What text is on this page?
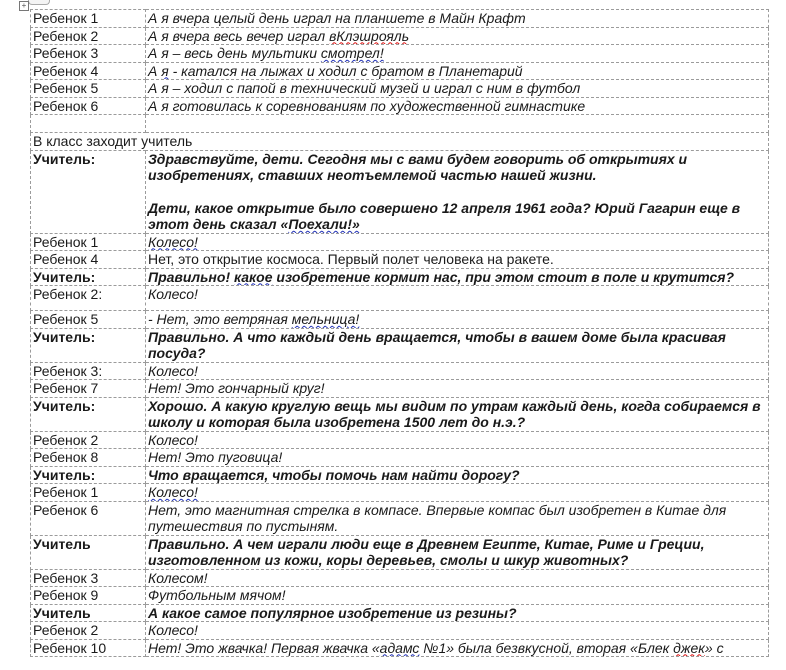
+
Ребенок 1	А я вчера целый день играл на планшете в Майн Крафт
Ребенок 2	А я вчера весь вечер играл вКлэшрояль
Ребенок 3	А я – весь день мультики смотрел!
Ребенок 4	А я - катался на лыжах и ходил с братом в Планетарий
Ребенок 5	А я – ходил с папой в технический музей и играл с ним в футбол
Ребенок 6	А я готовилась к соревнованиям по художественной гимнастике

В класс заходит учитель	
Учитель:	Здравствуйте, дети. Сегодня мы с вами будем говорить об открытиях и изобретениях, ставших неотъемлемой частью нашей жизни.
Дети, какое открытие было совершено 12 апреля 1961 года? Юрий Гагарин еще в этот день сказал «Поехали!»

Ребенок 1	Колесо!
Ребенок 4	Нет, это открытие космоса. Первый полет человека на ракете.
Учитель:	Правильно! какое изобретение кормит нас, при этом стоит в поле и крутится?
Ребенок 2:	Колесо!
Ребенок 5	- Нет, это ветряная мельница!
Учитель:	Правильно. А что каждый день вращается, чтобы в вашем доме была красивая посуда?
Ребенок 3:	Колесо!
Ребенок 7	Нет! Это гончарный круг!
Учитель:	Хорошо. А какую круглую вещь мы видим по утрам каждый день, когда собираемся в школу и которая была изобретена 1500 лет до н.э.?
Ребенок 2	Колесо!
Ребенок 8	Нет! Это пуговица!
Учитель:	Что вращается, чтобы помочь нам найти дорогу?
Ребенок 1	Колесо!
Ребенок 6	Нет, это магнитная стрелка в компасе. Впервые компас был изобретен в Китае для путешествия по пустыням.
Учитель	Правильно. А чем играли люди еще в Древнем Египте, Китае, Риме и Греции, изготовленном из кожи, коры деревьев, смолы и шкур животных?
Ребенок 3	Колесом!
Ребенок 9	Футбольным мячом!
Учитель	А какое самое популярное изобретение из резины?
Ребенок 2	Колесо!
Ребенок 10	Нет! Это жвачка! Первая жвачка «адамс №1» была безвкусной, вторая «Блек джек» с
